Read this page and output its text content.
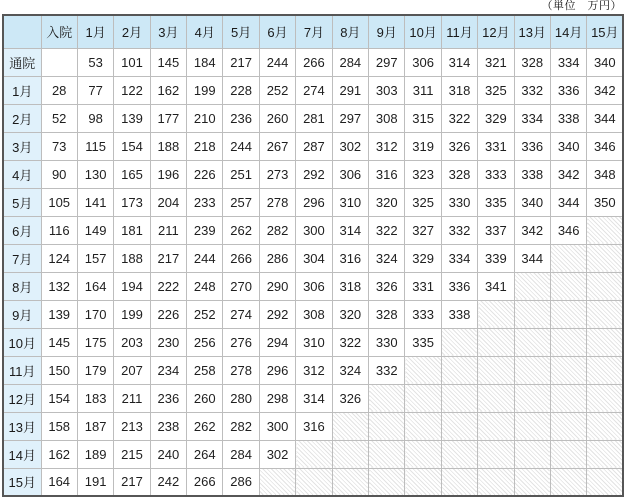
（単位　万円）
	入院	1月	2月	3月	4月	5月	6月	7月	8月	9月	10月	11月	12月	13月	14月	15月
通院		53	101	145	184	217	244	266	284	297	306	314	321	328	334	340
1月	28	77	122	162	199	228	252	274	291	303	311	318	325	332	336	342
2月	52	98	139	177	210	236	260	281	297	308	315	322	329	334	338	344
3月	73	115	154	188	218	244	267	287	302	312	319	326	331	336	340	346
4月	90	130	165	196	226	251	273	292	306	316	323	328	333	338	342	348
5月	105	141	173	204	233	257	278	296	310	320	325	330	335	340	344	350
6月	116	149	181	211	239	262	282	300	314	322	327	332	337	342	346	
7月	124	157	188	217	244	266	286	304	316	324	329	334	339	344		
8月	132	164	194	222	248	270	290	306	318	326	331	336	341			
9月	139	170	199	226	252	274	292	308	320	328	333	338				
10月	145	175	203	230	256	276	294	310	322	330	335					
11月	150	179	207	234	258	278	296	312	324	332						
12月	154	183	211	236	260	280	298	314	326							
13月	158	187	213	238	262	282	300	316								
14月	162	189	215	240	264	284	302									
15月	164	191	217	242	266	286										
